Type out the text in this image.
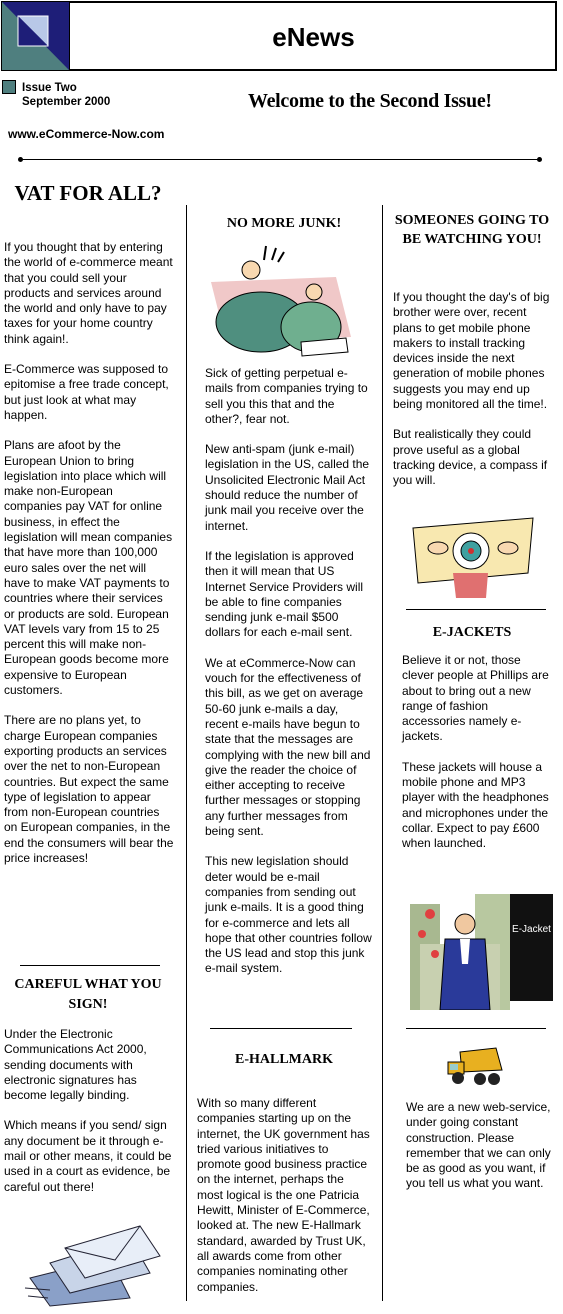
eNews
Issue Two
September 2000	Welcome to the Second Issue!
www.eCommerce-Now.com
VAT FOR ALL?

If you thought that by entering the world of e-commerce meant that you could sell your products and services around the world and only have to pay taxes for your home country think again!.

E-Commerce was supposed to epitomise a free trade concept, but just look at what may happen.

Plans are afoot by the European Union to bring legislation into place which will make non-European companies pay VAT for online business, in effect the legislation will mean companies that have more than 100,000 euro sales over the net will have to make VAT payments to countries where their services or products are sold. European VAT levels vary from 15 to 25 percent this will make non-European goods become more expensive to European customers.

There are no plans yet, to charge European companies exporting products an services over the net to non-European countries. But expect the same type of legislation to appear from non-European countries on European companies, in the end the consumers will bear the price increases!

CAREFUL WHAT YOU SIGN!

Under the Electronic Communications Act 2000, sending documents with electronic signatures has become legally binding.

Which means if you send/ sign any document be it through e-mail or other means, it could be used in a court as evidence, be careful out there!

NO MORE JUNK!

Sick of getting perpetual e-mails from companies trying to sell you this that and the other?, fear not.

New anti-spam (junk e-mail) legislation in the US, called the Unsolicited Electronic Mail Act should reduce the number of junk mail you receive over the internet.

If the legislation is approved then it will mean that US Internet Service Providers will be able to fine companies sending junk e-mail $500 dollars for each e-mail sent.

We at eCommerce-Now can vouch for the effectiveness of this bill, as we get on average 50-60 junk e-mails a day, recent e-mails have begun to state that the messages are complying with the new bill and give the reader the choice of either accepting to receive further messages or stopping any further messages from being sent.

This new legislation should deter would be e-mail companies from sending out junk e-mails. It is a good thing for e-commerce and lets all hope that other countries follow the US lead and stop this junk e-mail system.

E-HALLMARK

With so many different companies starting up on the internet, the UK government has tried various initiatives to promote good business practice on the internet, perhaps the most logical is the one Patricia Hewitt, Minister of E-Commerce, looked at. The new E-Hallmark standard, awarded by Trust UK, all awards come from other companies nominating other companies.

SOMEONES GOING TO BE WATCHING YOU!

If you thought the day's of big brother were over, recent plans to get mobile phone makers to install tracking devices inside the next generation of mobile phones suggests you may end up being monitored all the time!.

But realistically they could prove useful as a global tracking device, a compass if you will.

E-JACKETS

Believe it or not, those clever people at Phillips are about to bring out a new range of fashion accessories namely e-jackets.

These jackets will house a mobile phone and MP3 player with the headphones and microphones under the collar. Expect to pay £600 when launched.

E-Jacket
We are a new web-service, under going constant construction. Please remember that we can only be as good as you want, if you tell us what you want.
